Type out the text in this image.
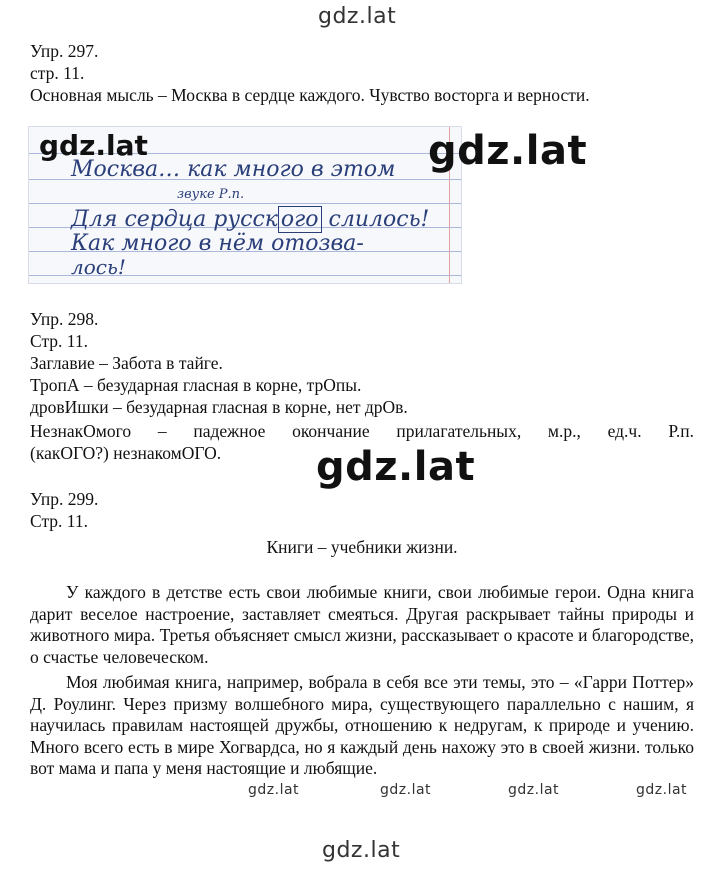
gdz.lat

Упр. 297.

стр. 11.

Основная мысль – Москва в сердце каждого. Чувство восторга и верности.

gdz.lat
Москва… как много в этом
звуке Р.п.
Для сердца русск ого слилось!
Как много в нём отозва-
лось!
gdz.lat

Упр. 298.

Стр. 11.

Заглавие – Забота в тайге.

ТропА – безударная гласная в корне, трОпы.

дровИшки – безударная гласная в корне, нет дрОв.

НезнакОмого – падежное окончание прилагательных, м.р., ед.ч. Р.п.

(какОГО?) незнакомОГО. gdz.lat

Упр. 299.

Стр. 11.

Книги – учебники жизни.

У каждого в детстве есть свои любимые книги, свои любимые герои. Одна книга дарит веселое настроение, заставляет смеяться. Другая раскрывает тайны природы и животного мира. Третья объясняет смысл жизни, рассказывает о красоте и благородстве, о счастье человеческом.
Моя любимая книга, например, вобрала в себя все эти темы, это – «Гарри Поттер» Д. Роулинг. Через призму волшебного мира, существующего параллельно с нашим, я научилась правилам настоящей дружбы, отношению к недругам, к природе и учению. Много всего есть в мире Хогвардса, но я каждый день нахожу это в своей жизни. только вот мама и папа у меня настоящие и любящие.
gdz.lat	gdz.lat	gdz.lat	gdz.lat
gdz.lat
